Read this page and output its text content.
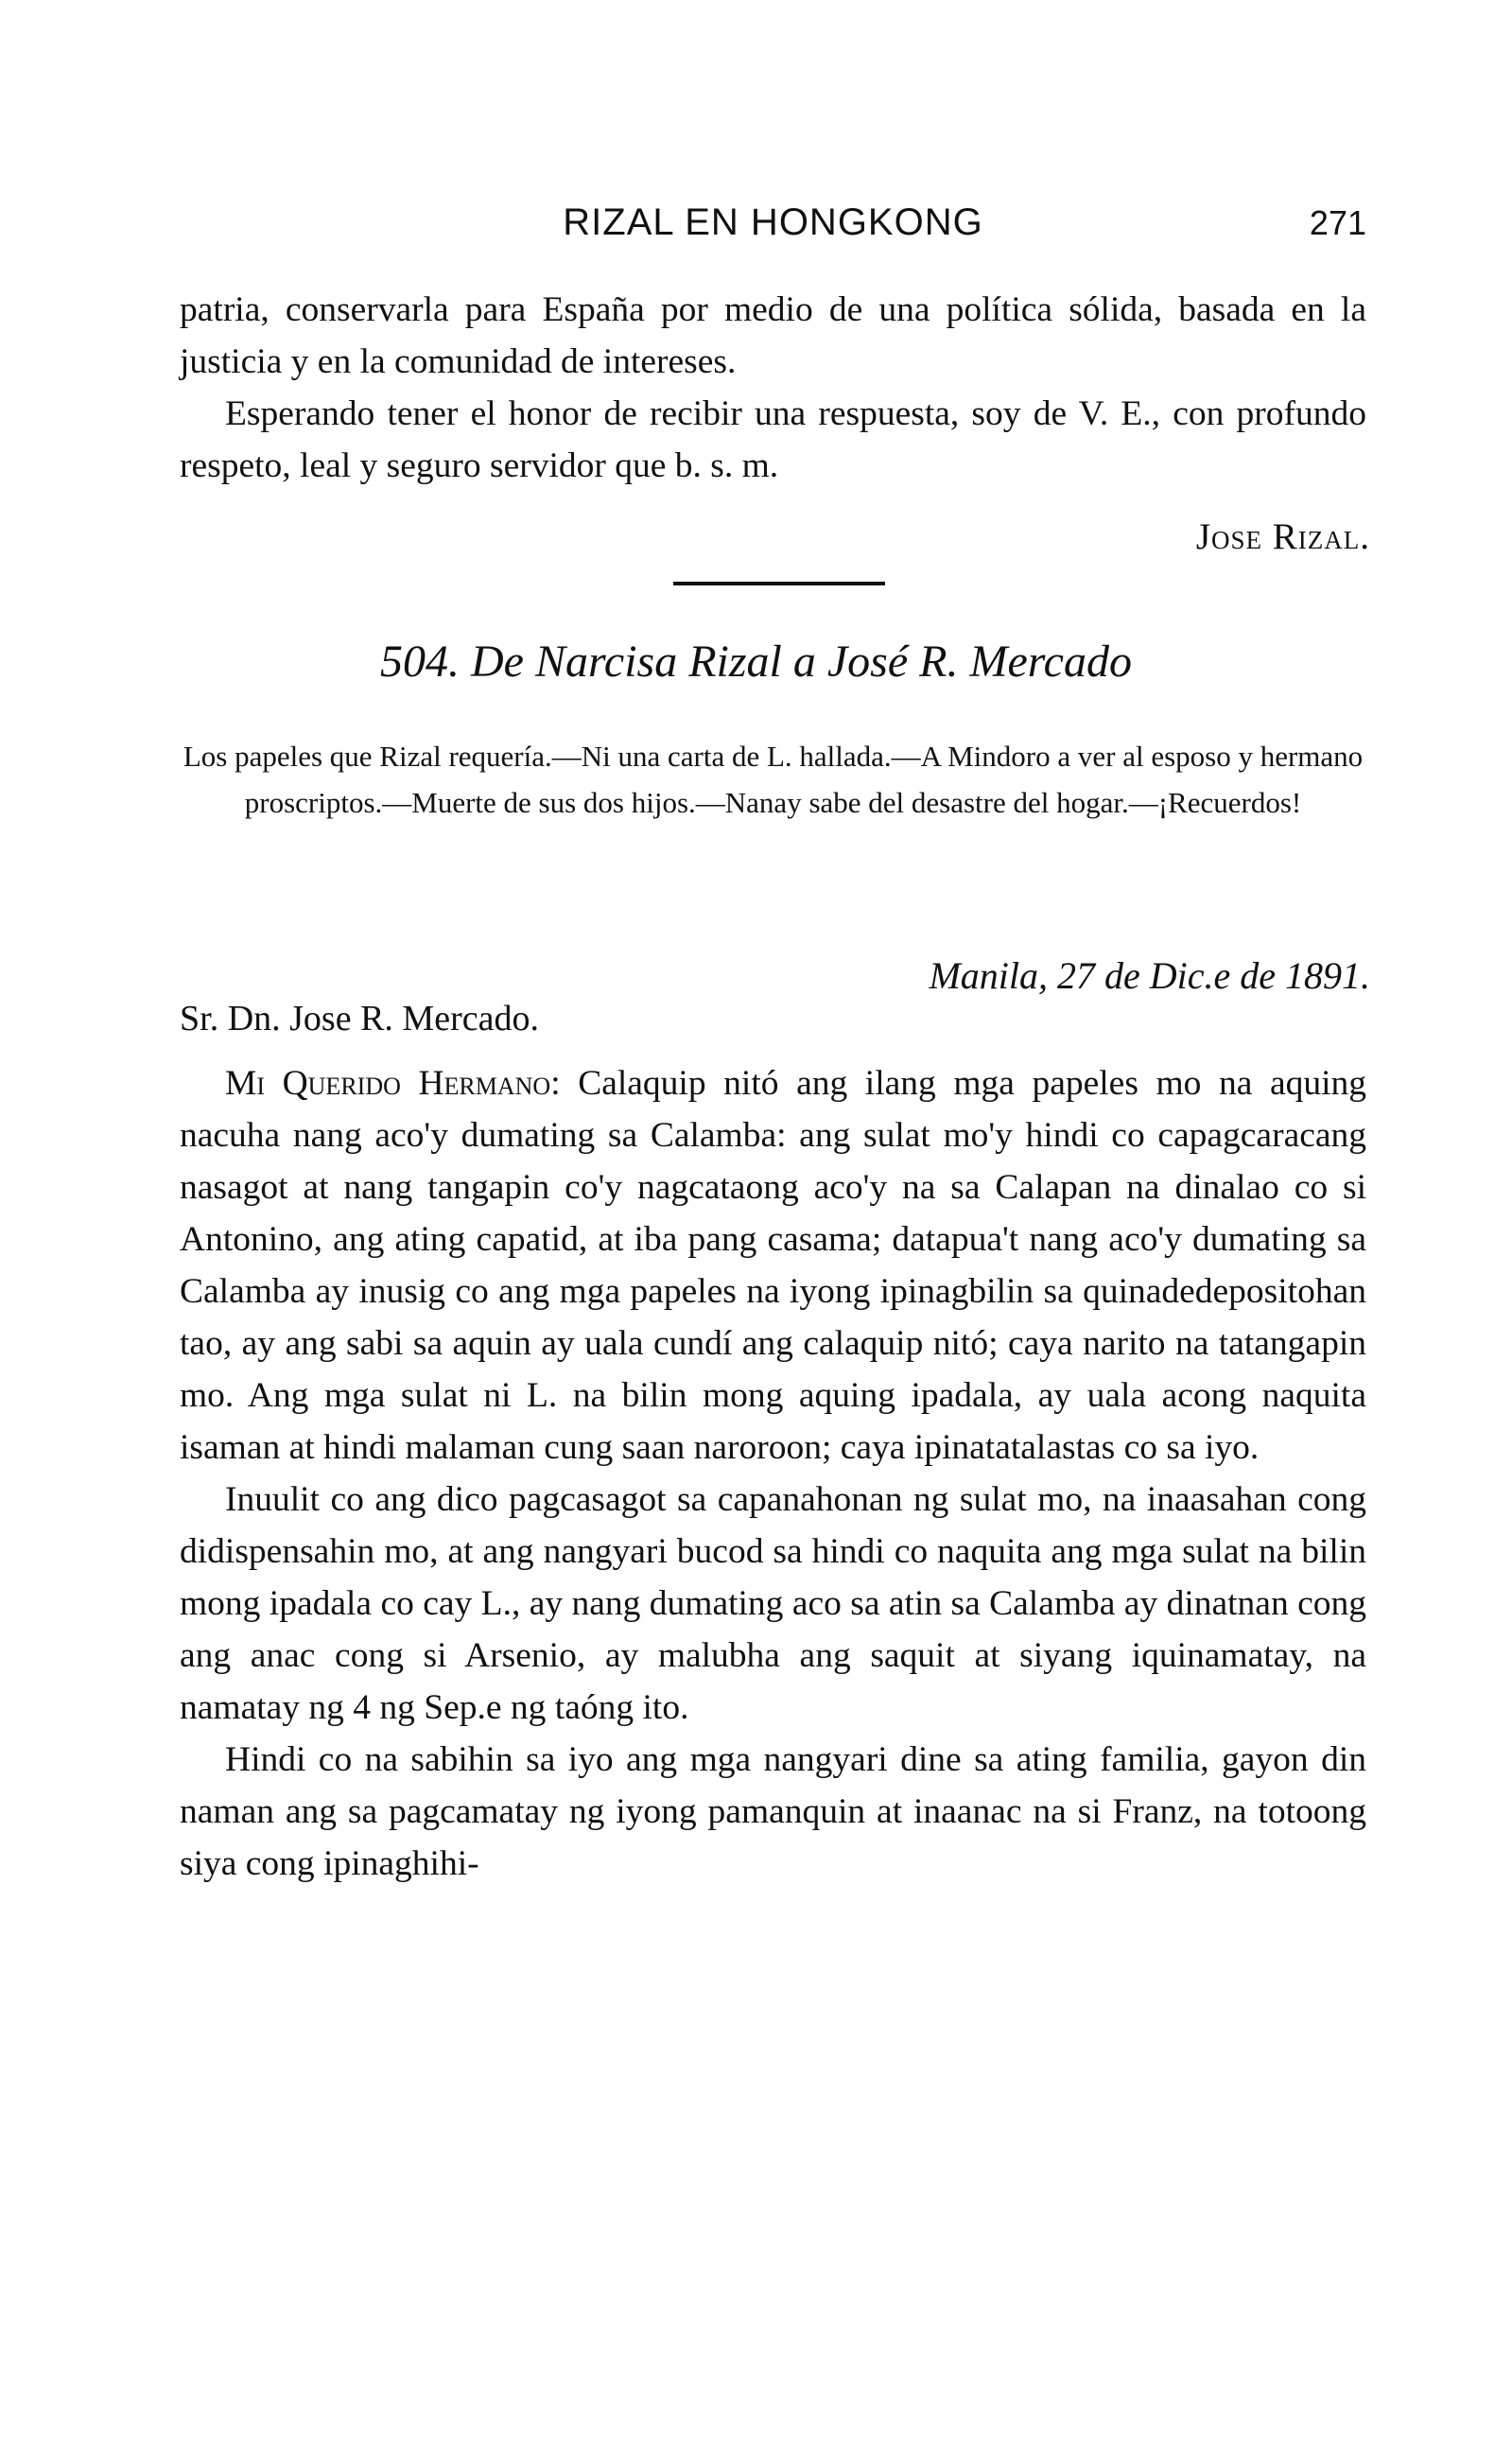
RIZAL EN HONGKONG	271

patria, conservarla para España por medio de una política sólida, basada en la justicia y en la comunidad de intereses.

Esperando tener el honor de recibir una respuesta, soy de V. E., con profundo respeto, leal y seguro servidor que b. s. m.

Jose Rizal.
504. De Narcisa Rizal a José R. Mercado
Los papeles que Rizal requería.—Ni una carta de L. hallada.—A Mindoro a ver al esposo y hermano proscriptos.—Muerte de sus dos hijos.—Nanay sabe del desastre del hogar.—¡Recuerdos!
Manila, 27 de Dic.e de 1891.
Sr. Dn. Jose R. Mercado.

Mi Querido Hermano: Calaquip nitó ang ilang mga papeles mo na aquing nacuha nang aco'y dumating sa Calamba: ang sulat mo'y hindi co capagcaracang nasagot at nang tangapin co'y nagcataong aco'y na sa Calapan na dinalao co si Antonino, ang ating capatid, at iba pang casama; datapua't nang aco'y dumating sa Calamba ay inusig co ang mga papeles na iyong ipinagbilin sa quinadedepositohan tao, ay ang sabi sa aquin ay uala cundí ang calaquip nitó; caya narito na tatangapin mo. Ang mga sulat ni L. na bilin mong aquing ipadala, ay uala acong naquita isaman at hindi malaman cung saan naroroon; caya ipinatatalastas co sa iyo.

Inuulit co ang dico pagcasagot sa capanahonan ng sulat mo, na inaasahan cong didispensahin mo, at ang nangyari bucod sa hindi co naquita ang mga sulat na bilin mong ipadala co cay L., ay nang dumating aco sa atin sa Calamba ay dinatnan cong ang anac cong si Arsenio, ay malubha ang saquit at siyang iquinamatay, na namatay ng 4 ng Sep.e ng taóng ito.

Hindi co na sabihin sa iyo ang mga nangyari dine sa ating familia, gayon din naman ang sa pagcamatay ng iyong pamanquin at inaanac na si Franz, na totoong siya cong ipinaghihi-
